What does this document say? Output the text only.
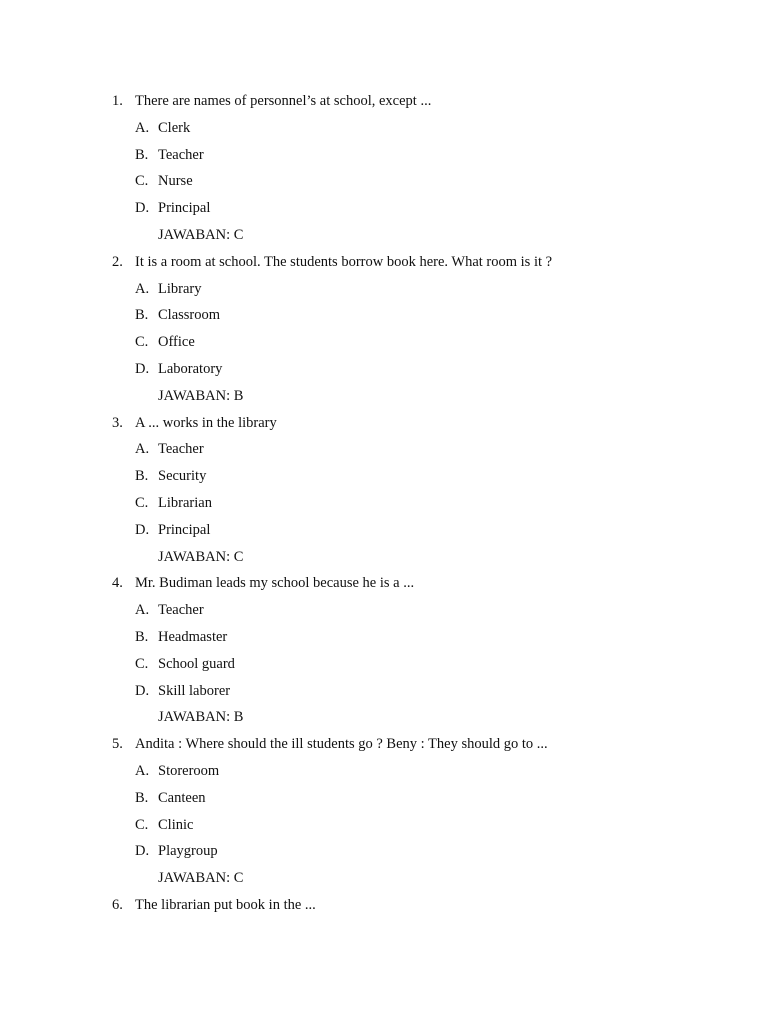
1. There are names of personnel’s at school, except ...
A. Clerk
B. Teacher
C. Nurse
D. Principal
JAWABAN: C
2. It is a room at school. The students borrow book here. What room is it ?
A. Library
B. Classroom
C. Office
D. Laboratory
JAWABAN: B
3. A ... works in the library
A. Teacher
B. Security
C. Librarian
D. Principal
JAWABAN: C
4. Mr. Budiman leads my school because he is a ...
A. Teacher
B. Headmaster
C. School guard
D. Skill laborer
JAWABAN: B
5. Andita : Where should the ill students go ? Beny : They should go to ...
A. Storeroom
B. Canteen
C. Clinic
D. Playgroup
JAWABAN: C
6. The librarian put book in the ...
